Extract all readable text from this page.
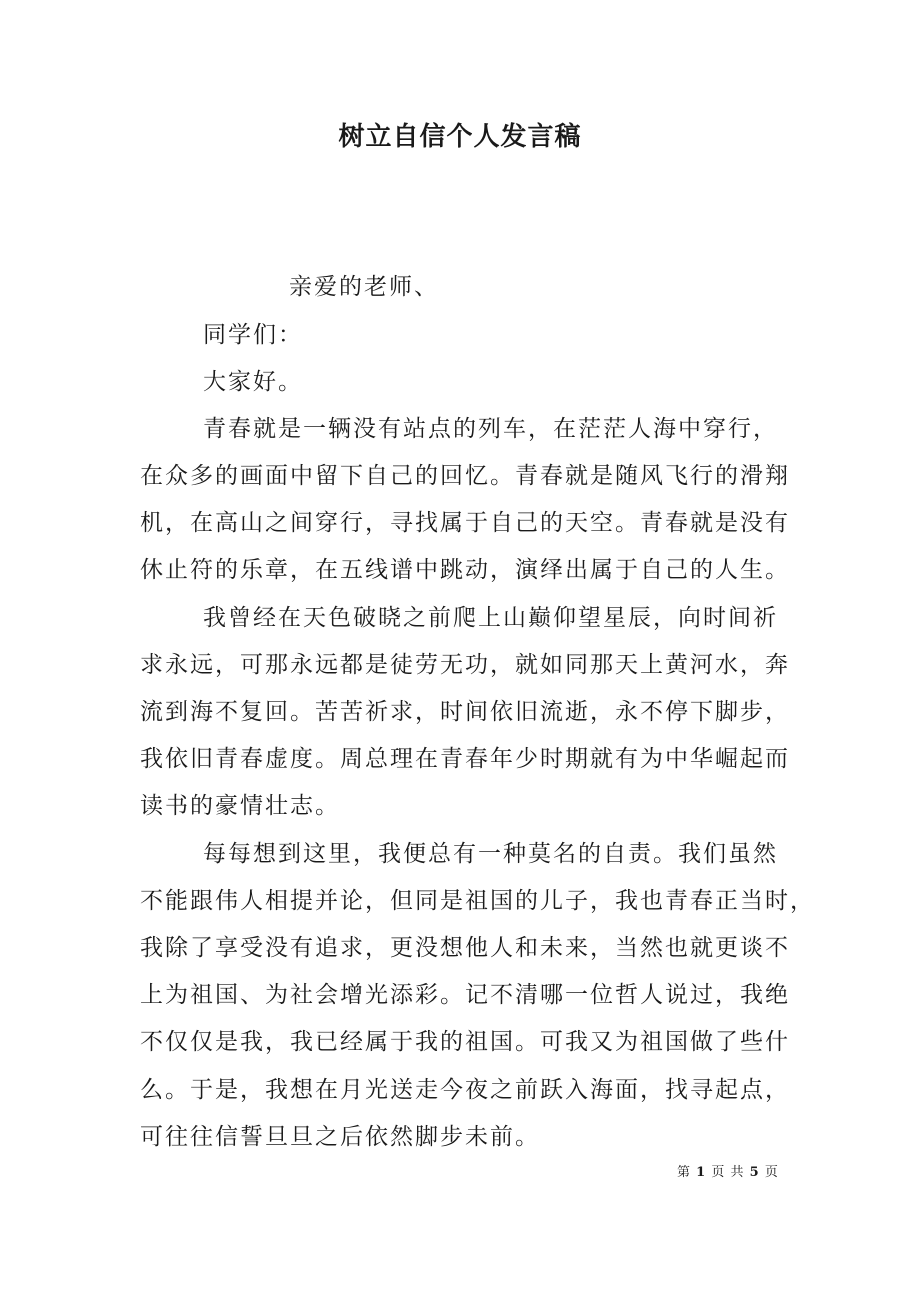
树立自信个人发言稿
亲爱的老师、
同学们：
大家好。
青春就是一辆没有站点的列车，在茫茫人海中穿行，
在众多的画面中留下自己的回忆。青春就是随风飞行的滑翔
机，在高山之间穿行，寻找属于自己的天空。青春就是没有
休止符的乐章，在五线谱中跳动，演绎出属于自己的人生。
我曾经在天色破晓之前爬上山巅仰望星辰，向时间祈
求永远，可那永远都是徒劳无功，就如同那天上黄河水，奔
流到海不复回。苦苦祈求，时间依旧流逝，永不停下脚步，
我依旧青春虚度。周总理在青春年少时期就有为中华崛起而
读书的豪情壮志。
每每想到这里，我便总有一种莫名的自责。我们虽然
不能跟伟人相提并论，但同是祖国的儿子，我也青春正当时，
我除了享受没有追求，更没想他人和未来，当然也就更谈不
上为祖国、为社会增光添彩。记不清哪一位哲人说过，我绝
不仅仅是我，我已经属于我的祖国。可我又为祖国做了些什
么。于是，我想在月光送走今夜之前跃入海面，找寻起点，
可往往信誓旦旦之后依然脚步未前。
第 1 页 共 5 页
